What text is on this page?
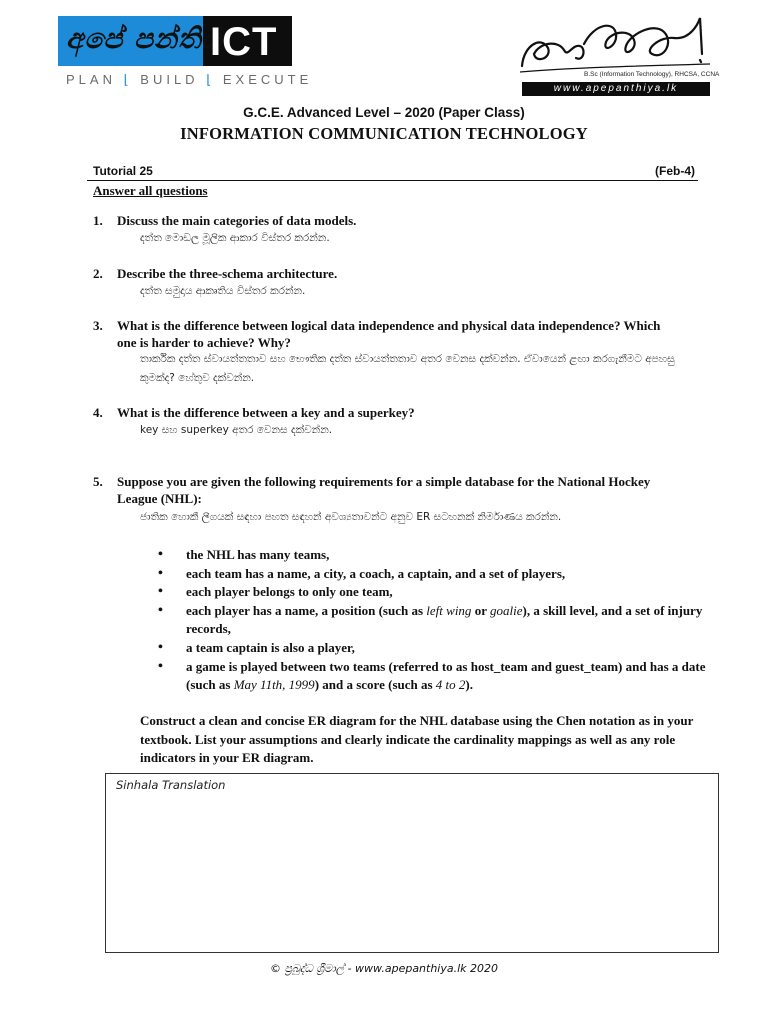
අපේ පන්තිය
ICT
PLAN ⌊ BUILD ⌊ EXECUTE	B.Sc (Information Technology), RHCSA, CCNA
www.apepanthiya.lk
G.C.E. Advanced Level – 2020 (Paper Class)
INFORMATION COMMUNICATION TECHNOLOGY
Tutorial 25	(Feb-4)
Answer all questions
1. Discuss the main categories of data models.
දත්ත මොඩල මූලික ආකාර විස්තර කරන්න.
2. Describe the three-schema architecture.
දත්ත සමුදාය ආකෘතිය විස්තර කරන්න.
3. What is the difference between logical data independence and physical data independence? Which one is harder to achieve? Why?
තාර්කික දත්ත ස්වායත්තතාව සහ භෞතික දත්ත ස්වායත්තතාව අතර වෙනස දක්වන්න. ඒවායෙන් ළඟා කරගැනීමට අපහසු කුමක්ද? හේතුව දක්වන්න.
4. What is the difference between a key and a superkey?
key සහ superkey අතර වෙනස දක්වන්න.
5. Suppose you are given the following requirements for a simple database for the National Hockey League (NHL):
ජාතික හොකී ලීගයක් සඳහා පහත සඳහන් අවශ්‍යතාවන්ට අනුව ER සටහනක් නිර්මාණය කරන්න.
• the NHL has many teams,
• each team has a name, a city, a coach, a captain, and a set of players,
• each player belongs to only one team,
• each player has a name, a position (such as left wing or goalie), a skill level, and a set of injury records,
• a team captain is also a player,
• a game is played between two teams (referred to as host_team and guest_team) and has a date (such as May 11th, 1999) and a score (such as 4 to 2).
Construct a clean and concise ER diagram for the NHL database using the Chen notation as in your textbook. List your assumptions and clearly indicate the cardinality mappings as well as any role indicators in your ER diagram.
Sinhala Translation
© ප්‍රබුද්ධ ශ්‍රීමාල් - www.apepanthiya.lk 2020
